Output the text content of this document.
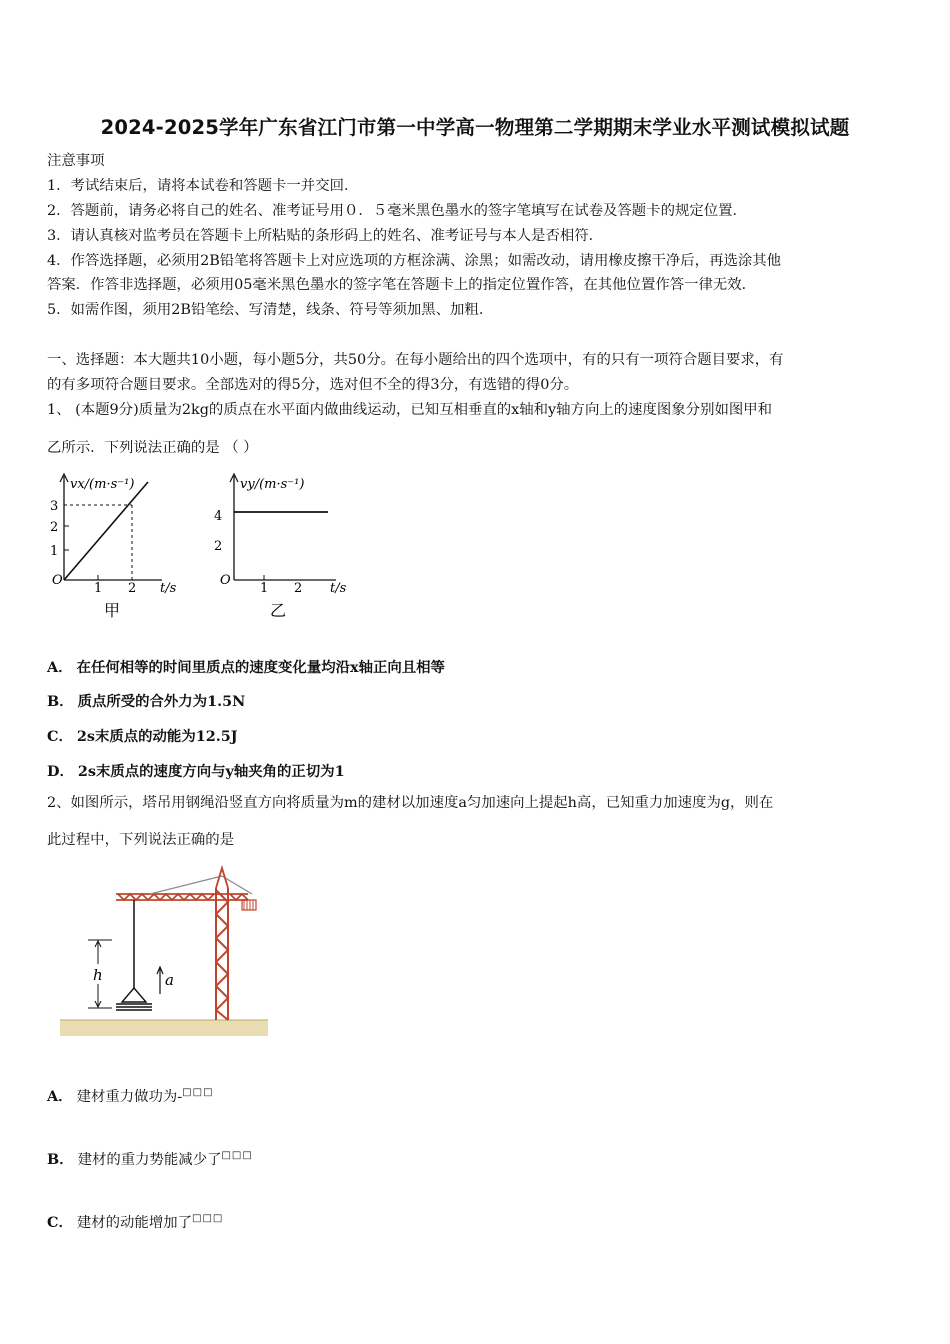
2024-2025学年广东省江门市第一中学高一物理第二学期期末学业水平测试模拟试题
注意事项
1．考试结束后，请将本试卷和答题卡一并交回．
2．答题前，请务必将自己的姓名、准考证号用０．５毫米黑色墨水的签字笔填写在试卷及答题卡的规定位置．
3．请认真核对监考员在答题卡上所粘贴的条形码上的姓名、准考证号与本人是否相符．
4．作答选择题，必须用2B铅笔将答题卡上对应选项的方框涂满、涂黑；如需改动，请用橡皮擦干净后，再选涂其他
答案．作答非选择题，必须用05毫米黑色墨水的签字笔在答题卡上的指定位置作答，在其他位置作答一律无效．
5．如需作图，须用2B铅笔绘、写清楚，线条、符号等须加黑、加粗．
一、选择题：本大题共10小题，每小题5分，共50分。在每小题给出的四个选项中，有的只有一项符合题目要求，有
的有多项符合题目要求。全部选对的得5分，选对但不全的得3分，有选错的得0分。
1、 (本题9分)质量为2kg的质点在水平面内做曲线运动，已知互相垂直的x轴和y轴方向上的速度图象分别如图甲和
乙所示．下列说法正确的是 （ ）
vx/(m·s⁻¹)
3
2
1
O
1 2 t/s
甲
vy/(m·s⁻¹)
4
2
O
1 2 t/s
乙
A． 在任何相等的时间里质点的速度变化量均沿x轴正向且相等
B． 质点所受的合外力为1.5N
C． 2s末质点的动能为12.5J
D． 2s末质点的速度方向与y轴夹角的正切为1
2、如图所示，塔吊用钢绳沿竖直方向将质量为m的建材以加速度a匀加速向上提起h高，已知重力加速度为g，则在
此过程中，下列说法正确的是
h	a
A． 建材重力做功为-□□□
B． 建材的重力势能减少了□□□
C． 建材的动能增加了□□□
